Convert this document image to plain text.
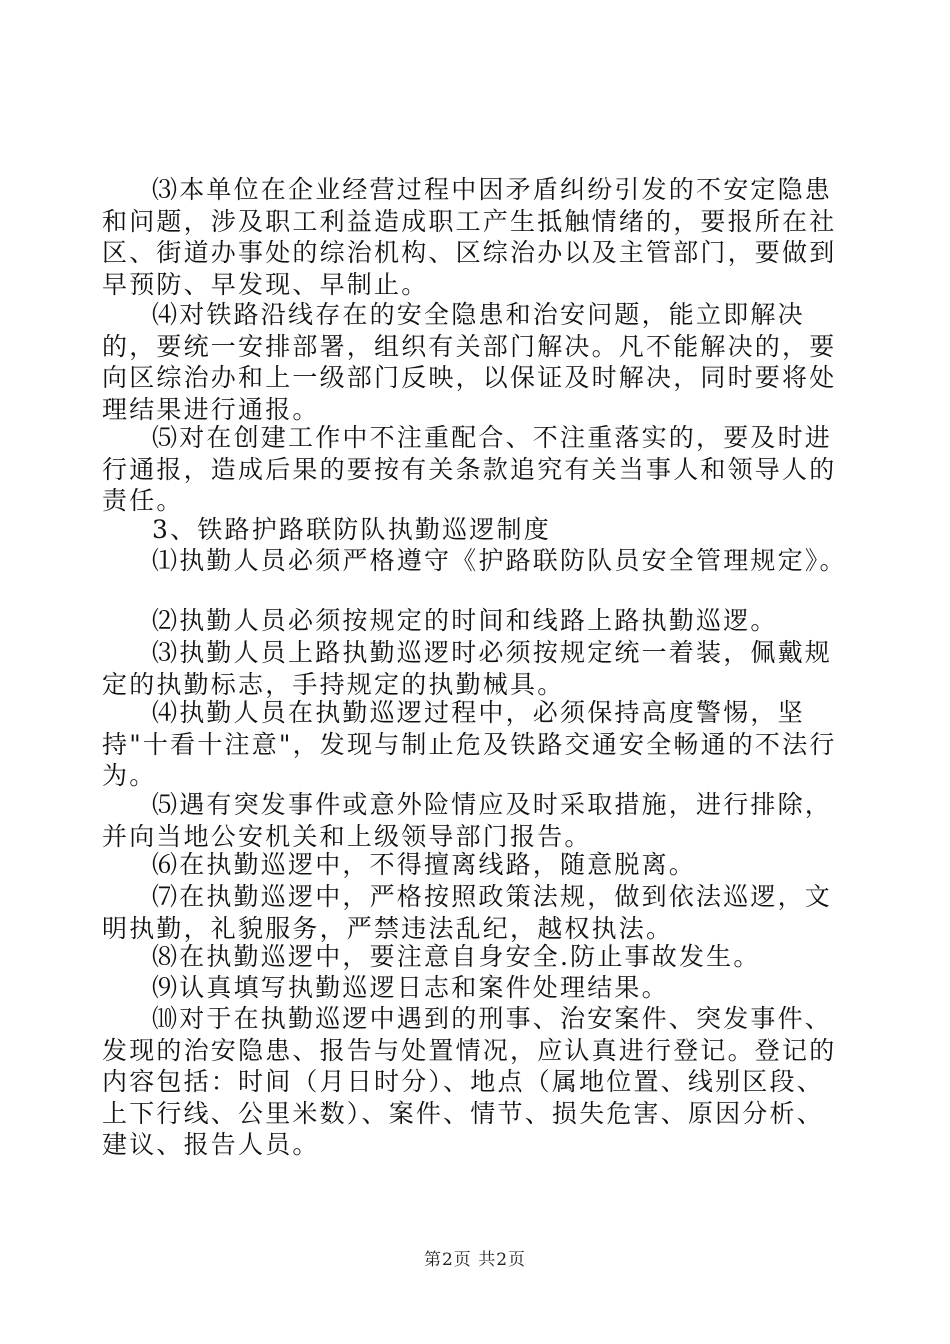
⑶本单位在企业经营过程中因矛盾纠纷引发的不安定隐患和问题，涉及职工利益造成职工产生抵触情绪的，要报所在社区、街道办事处的综治机构、区综治办以及主管部门，要做到早预防、早发现、早制止。

⑷对铁路沿线存在的安全隐患和治安问题，能立即解决的，要统一安排部署，组织有关部门解决。凡不能解决的，要向区综治办和上一级部门反映，以保证及时解决，同时要将处理结果进行通报。

⑸对在创建工作中不注重配合、不注重落实的，要及时进行通报，造成后果的要按有关条款追究有关当事人和领导人的责任。

3、铁路护路联防队执勤巡逻制度

⑴执勤人员必须严格遵守《护路联防队员安全管理规定》。

⑵执勤人员必须按规定的时间和线路上路执勤巡逻。

⑶执勤人员上路执勤巡逻时必须按规定统一着装，佩戴规定的执勤标志，手持规定的执勤械具。

⑷执勤人员在执勤巡逻过程中，必须保持高度警惕，坚持"十看十注意"，发现与制止危及铁路交通安全畅通的不法行为。

⑸遇有突发事件或意外险情应及时采取措施，进行排除，并向当地公安机关和上级领导部门报告。

⑹在执勤巡逻中，不得擅离线路，随意脱离。

⑺在执勤巡逻中，严格按照政策法规，做到依法巡逻，文明执勤，礼貌服务，严禁违法乱纪，越权执法。

⑻在执勤巡逻中，要注意自身安全.防止事故发生。

⑼认真填写执勤巡逻日志和案件处理结果。

⑽对于在执勤巡逻中遇到的刑事、治安案件、突发事件、发现的治安隐患、报告与处置情况，应认真进行登记。登记的内容包括：时间（月日时分）、地点（属地位置、线别区段、上下行线、公里米数）、案件、情节、损失危害、原因分析、建议、报告人员。

第2页 共2页
